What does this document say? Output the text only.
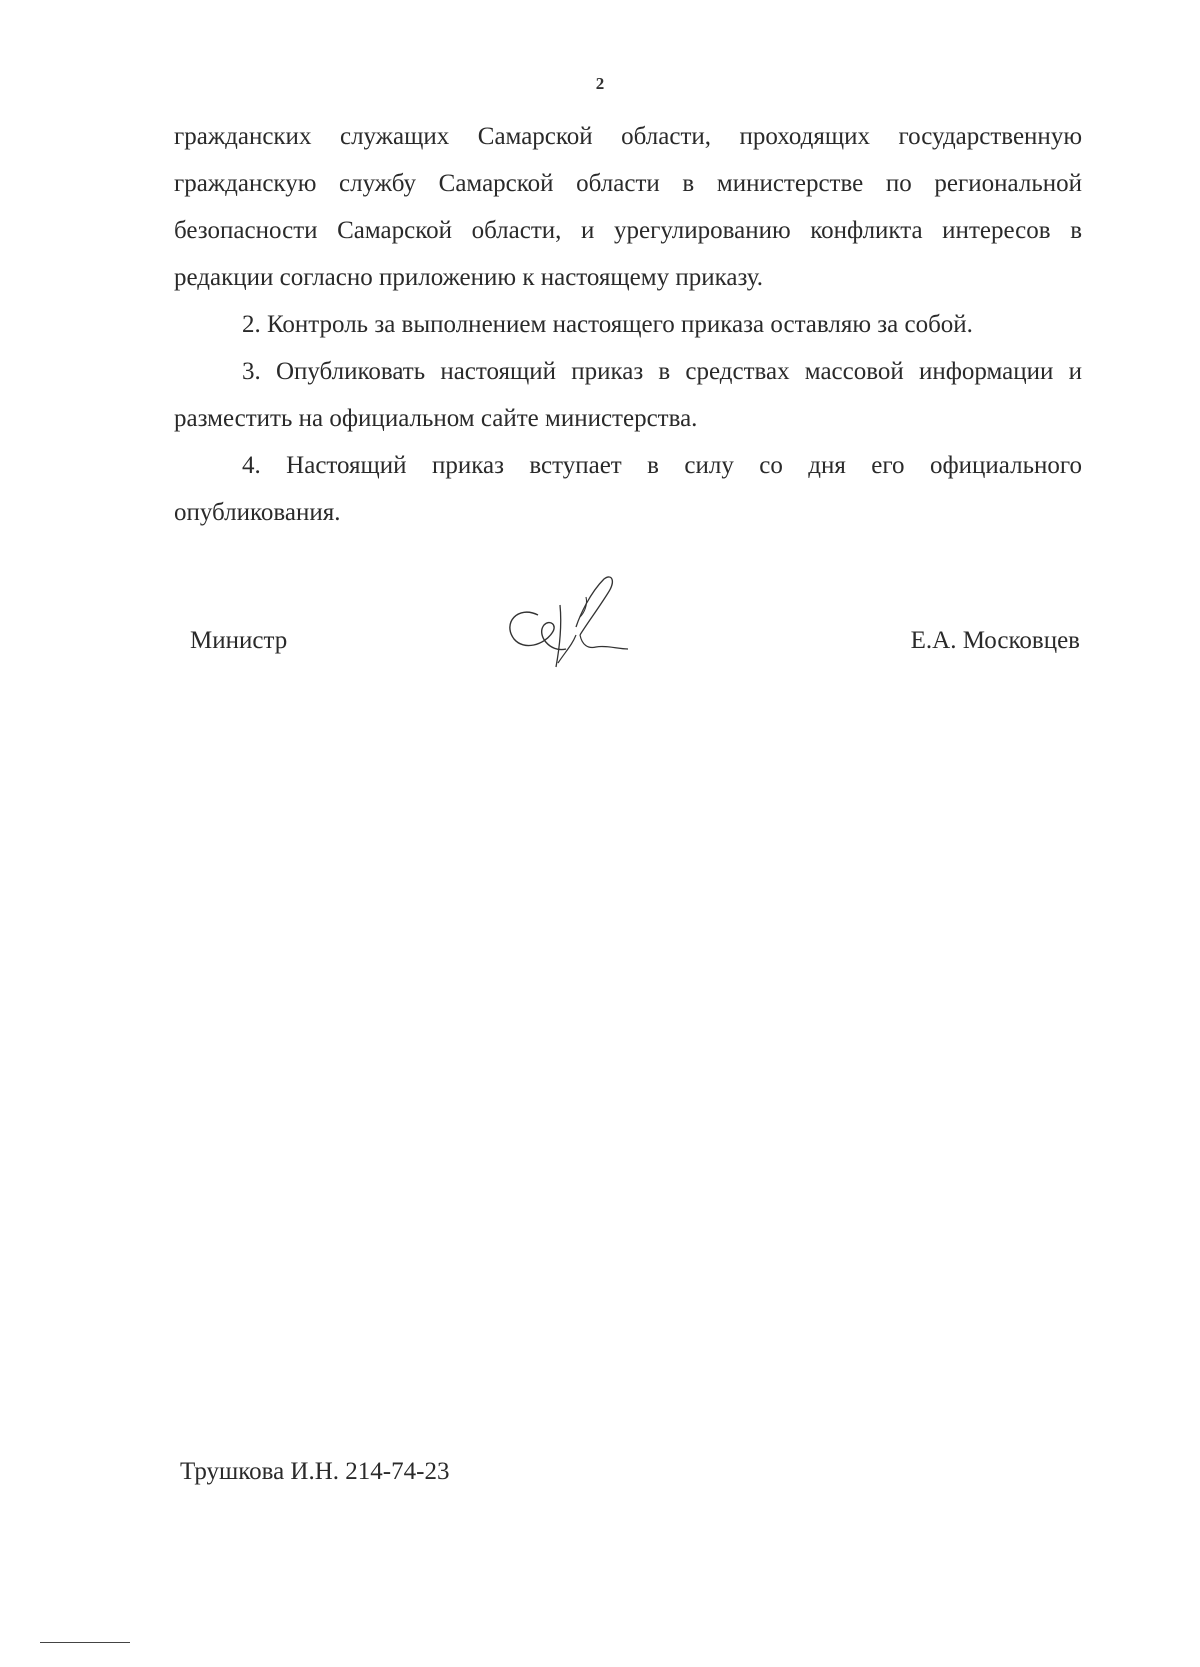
2

гражданских служащих Самарской области, проходящих государственную гражданскую службу Самарской области в министерстве по региональной безопасности Самарской области, и урегулированию конфликта интересов в редакции согласно приложению к настоящему приказу.

2. Контроль за выполнением настоящего приказа оставляю за собой.

3. Опубликовать настоящий приказ в средствах массовой информации и разместить на официальном сайте министерства.

4. Настоящий приказ вступает в силу со дня его официального опубликования.

Министр	Е.А. Московцев
Трушкова И.Н. 214-74-23
